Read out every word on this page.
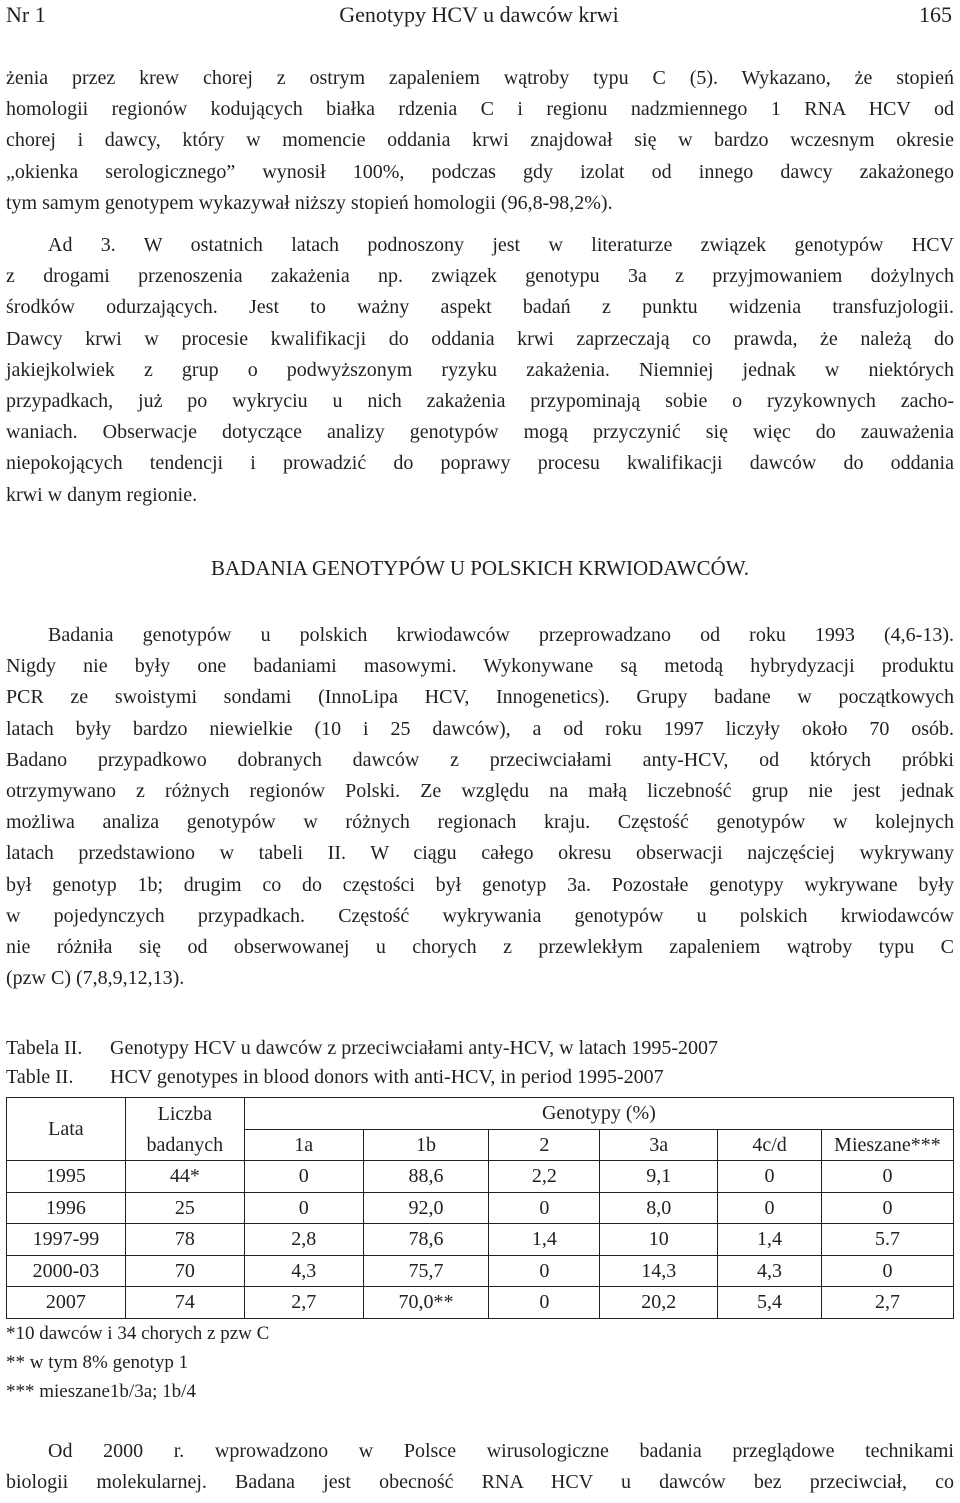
Nr 1	Genotypy HCV u dawców krwi	165
żenia przez krew chorej z ostrym zapaleniem wątroby typu C (5). Wykazano, że stopień
homologii regionów kodujących białka rdzenia C i regionu nadzmiennego 1 RNA HCV od
chorej i dawcy, który w momencie oddania krwi znajdował się w bardzo wczesnym okresie
„okienka serologicznego” wynosił 100%, podczas gdy izolat od innego dawcy zakażonego
tym samym genotypem wykazywał niższy stopień homologii (96,8-98,2%).
Ad 3. W ostatnich latach podnoszony jest w literaturze związek genotypów HCV
z drogami przenoszenia zakażenia np. związek genotypu 3a z przyjmowaniem dożylnych
środków odurzających. Jest to ważny aspekt badań z punktu widzenia transfuzjologii.
Dawcy krwi w procesie kwalifikacji do oddania krwi zaprzeczają co prawda, że należą do
jakiejkolwiek z grup o podwyższonym ryzyku zakażenia. Niemniej jednak w niektórych
przypadkach, już po wykryciu u nich zakażenia przypominają sobie o ryzykownych zacho-
waniach. Obserwacje dotyczące analizy genotypów mogą przyczynić się więc do zauważenia
niepokojących tendencji i prowadzić do poprawy procesu kwalifikacji dawców do oddania
krwi w danym regionie.
BADANIA GENOTYPÓW U POLSKICH KRWIODAWCÓW.
Badania genotypów u polskich krwiodawców przeprowadzano od roku 1993 (4,6-13).
Nigdy nie były one badaniami masowymi. Wykonywane są metodą hybrydyzacji produktu
PCR ze swoistymi sondami (InnoLipa HCV, Innogenetics). Grupy badane w początkowych
latach były bardzo niewielkie (10 i 25 dawców), a od roku 1997 liczyły około 70 osób.
Badano przypadkowo dobranych dawców z przeciwciałami anty-HCV, od których próbki
otrzymywano z różnych regionów Polski. Ze względu na małą liczebność grup nie jest jednak
możliwa analiza genotypów w różnych regionach kraju. Częstość genotypów w kolejnych
latach przedstawiono w tabeli II. W ciągu całego okresu obserwacji najczęściej wykrywany
był genotyp 1b; drugim co do częstości był genotyp 3a. Pozostałe genotypy wykrywane były
w pojedynczych przypadkach. Częstość wykrywania genotypów u polskich krwiodawców
nie różniła się od obserwowanej u chorych z przewlekłym zapaleniem wątroby typu C
(pzw C) (7,8,9,12,13).
Tabela II. Genotypy HCV u dawców z przeciwciałami anty-HCV, w latach 1995-2007
Table II. HCV genotypes in blood donors with anti-HCV, in period 1995-2007
Lata	Liczba	Genotypy (%)					
	badanych	1a	1b	2	3a	4c/d	Mieszane***
1995	44*	0	88,6	2,2	9,1	0	0
1996	25	0	92,0	0	8,0	0	0
1997-99	78	2,8	78,6	1,4	10	1,4	5.7
2000-03	70	4,3	75,7	0	14,3	4,3	0
2007	74	2,7	70,0**	0	20,2	5,4	2,7
*10 dawców i 34 chorych z pzw C
** w tym 8% genotyp 1
*** mieszane1b/3a; 1b/4
Od 2000 r. wprowadzono w Polsce wirusologiczne badania przeglądowe technikami
biologii molekularnej. Badana jest obecność RNA HCV u dawców bez przeciwciał, co
